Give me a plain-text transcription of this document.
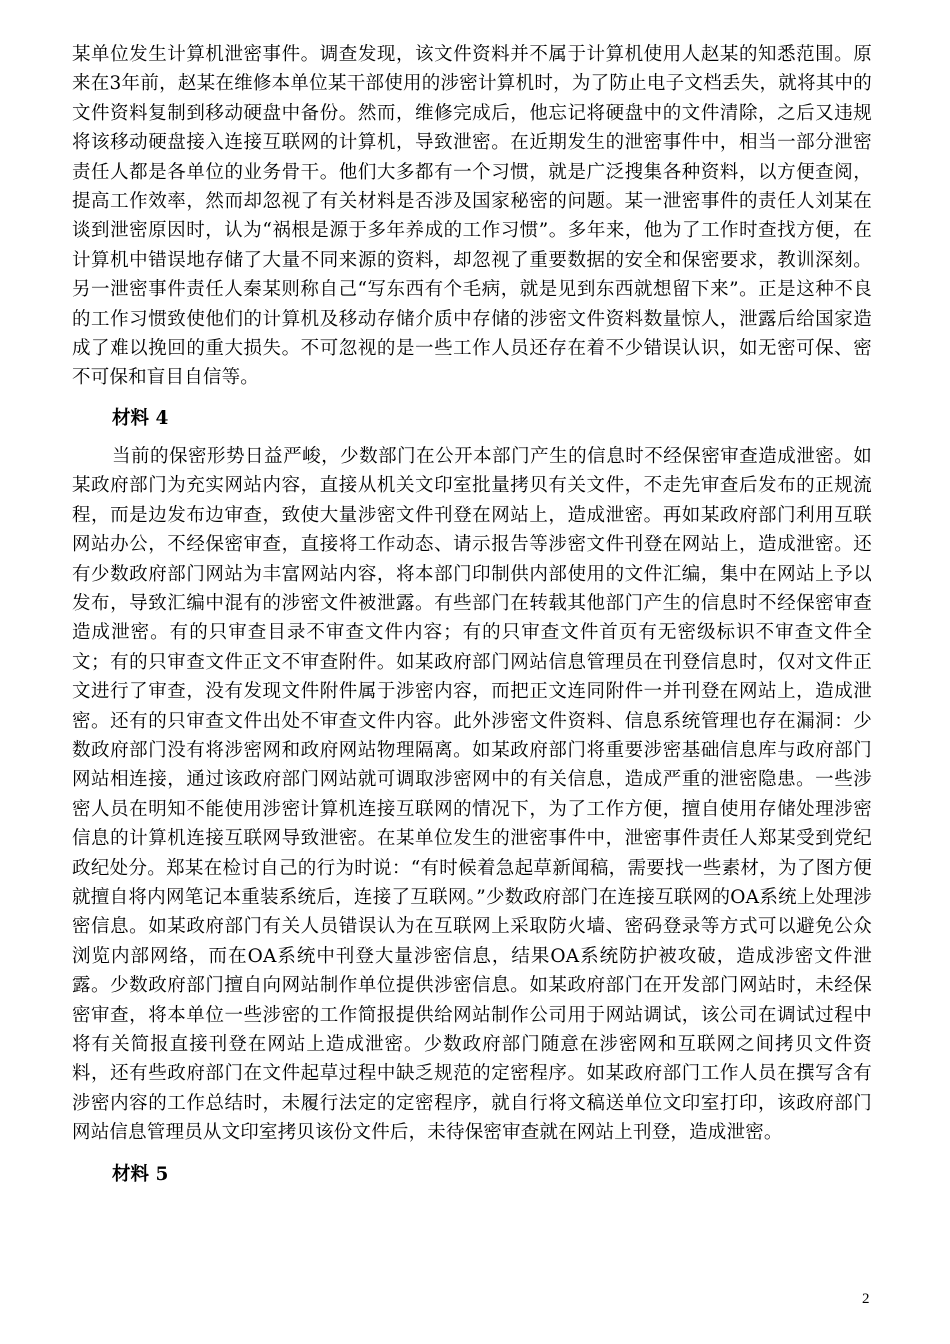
某单位发生计算机泄密事件。调查发现，该文件资料并不属于计算机使用人赵某的知悉范围。原来在3年前，赵某在维修本单位某干部使用的涉密计算机时，为了防止电子文档丢失，就将其中的文件资料复制到移动硬盘中备份。然而，维修完成后，他忘记将硬盘中的文件清除，之后又违规将该移动硬盘接入连接互联网的计算机，导致泄密。在近期发生的泄密事件中，相当一部分泄密责任人都是各单位的业务骨干。他们大多都有一个习惯，就是广泛搜集各种资料，以方便查阅，提高工作效率，然而却忽视了有关材料是否涉及国家秘密的问题。某一泄密事件的责任人刘某在谈到泄密原因时，认为“祸根是源于多年养成的工作习惯”。多年来，他为了工作时查找方便，在计算机中错误地存储了大量不同来源的资料，却忽视了重要数据的安全和保密要求，教训深刻。另一泄密事件责任人秦某则称自己“写东西有个毛病，就是见到东西就想留下来”。正是这种不良的工作习惯致使他们的计算机及移动存储介质中存储的涉密文件资料数量惊人，泄露后给国家造成了难以挽回的重大损失。不可忽视的是一些工作人员还存在着不少错误认识，如无密可保、密不可保和盲目自信等。

材料 4

当前的保密形势日益严峻，少数部门在公开本部门产生的信息时不经保密审查造成泄密。如某政府部门为充实网站内容，直接从机关文印室批量拷贝有关文件，不走先审查后发布的正规流程，而是边发布边审查，致使大量涉密文件刊登在网站上，造成泄密。再如某政府部门利用互联网站办公，不经保密审查，直接将工作动态、请示报告等涉密文件刊登在网站上，造成泄密。还有少数政府部门网站为丰富网站内容，将本部门印制供内部使用的文件汇编，集中在网站上予以发布，导致汇编中混有的涉密文件被泄露。有些部门在转载其他部门产生的信息时不经保密审查造成泄密。有的只审查目录不审查文件内容；有的只审查文件首页有无密级标识不审查文件全文；有的只审查文件正文不审查附件。如某政府部门网站信息管理员在刊登信息时，仅对文件正文进行了审查，没有发现文件附件属于涉密内容，而把正文连同附件一并刊登在网站上，造成泄密。还有的只审查文件出处不审查文件内容。此外涉密文件资料、信息系统管理也存在漏洞：少数政府部门没有将涉密网和政府网站物理隔离。如某政府部门将重要涉密基础信息库与政府部门网站相连接，通过该政府部门网站就可调取涉密网中的有关信息，造成严重的泄密隐患。一些涉密人员在明知不能使用涉密计算机连接互联网的情况下，为了工作方便，擅自使用存储处理涉密信息的计算机连接互联网导致泄密。在某单位发生的泄密事件中，泄密事件责任人郑某受到党纪政纪处分。郑某在检讨自己的行为时说：“有时候着急起草新闻稿，需要找一些素材，为了图方便就擅自将内网笔记本重装系统后，连接了互联网。”少数政府部门在连接互联网的OA系统上处理涉密信息。如某政府部门有关人员错误认为在互联网上采取防火墙、密码登录等方式可以避免公众浏览内部网络，而在OA系统中刊登大量涉密信息，结果OA系统防护被攻破，造成涉密文件泄露。少数政府部门擅自向网站制作单位提供涉密信息。如某政府部门在开发部门网站时，未经保密审查，将本单位一些涉密的工作简报提供给网站制作公司用于网站调试，该公司在调试过程中将有关简报直接刊登在网站上造成泄密。少数政府部门随意在涉密网和互联网之间拷贝文件资料，还有些政府部门在文件起草过程中缺乏规范的定密程序。如某政府部门工作人员在撰写含有涉密内容的工作总结时，未履行法定的定密程序，就自行将文稿送单位文印室打印，该政府部门网站信息管理员从文印室拷贝该份文件后，未待保密审查就在网站上刊登，造成泄密。

材料 5
2
